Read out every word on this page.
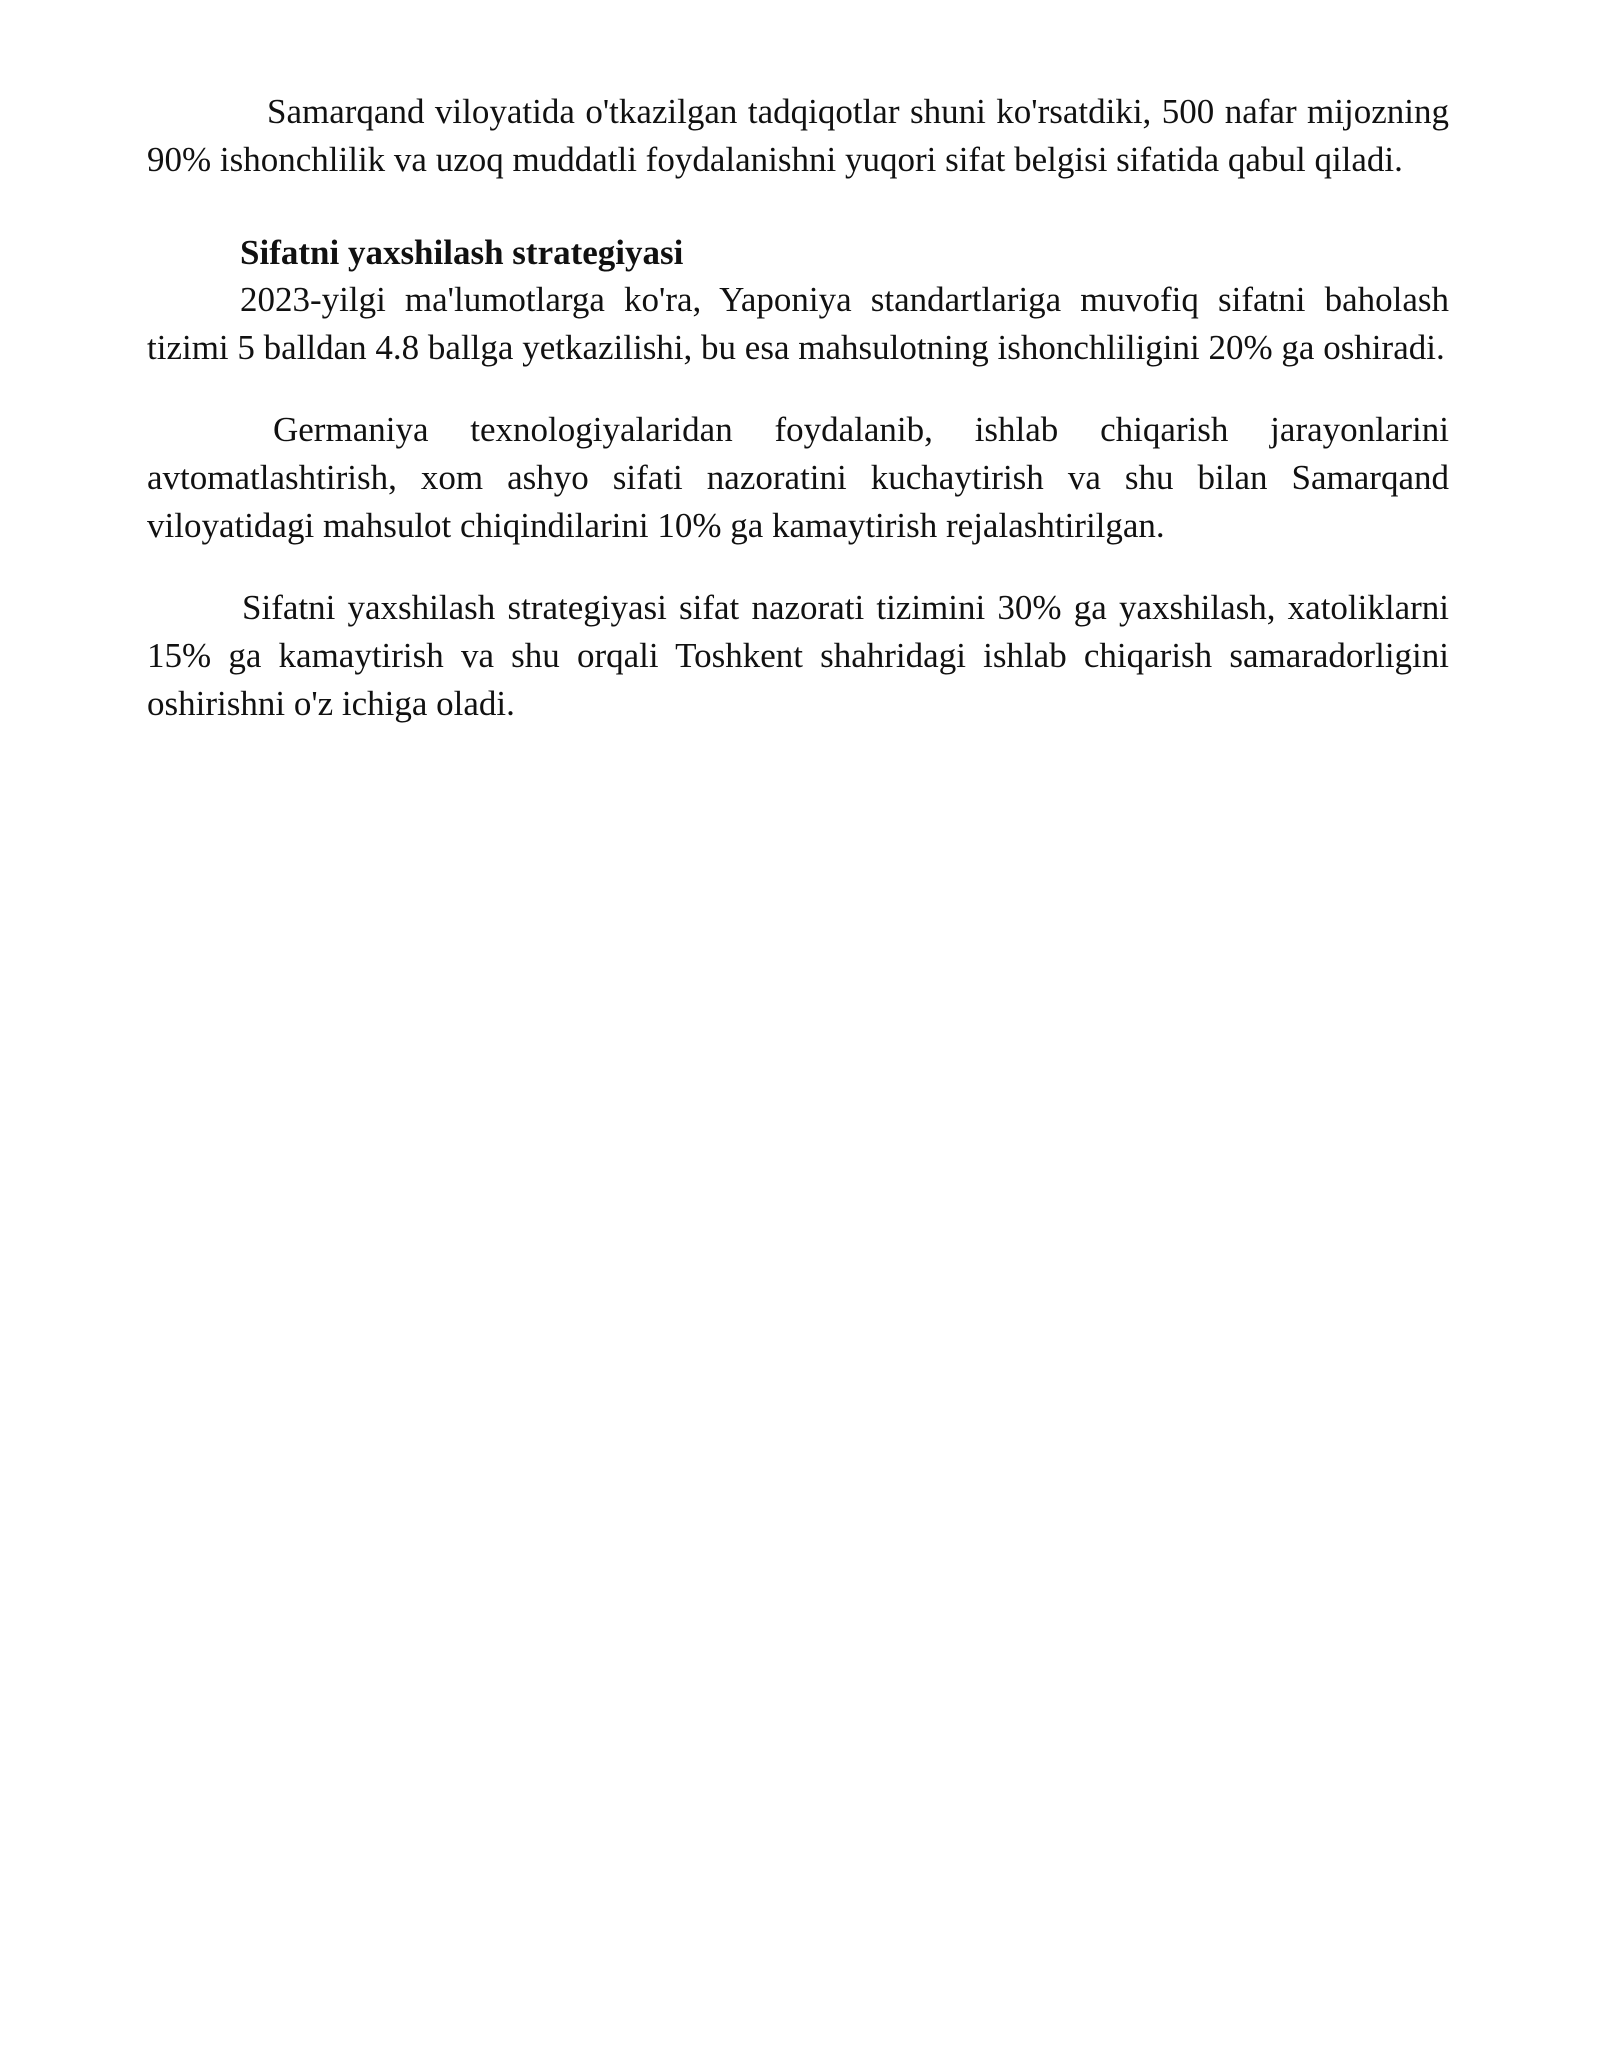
Samarqand viloyatida o'tkazilgan tadqiqotlar shuni ko'rsatdiki, 500 nafar mijozning 90% ishonchlilik va uzoq muddatli foydalanishni yuqori sifat belgisi sifatida qabul qiladi.

Sifatni yaxshilash strategiyasi

2023-yilgi ma'lumotlarga ko'ra, Yaponiya standartlariga muvofiq sifatni baholash tizimi 5 balldan 4.8 ballga yetkazilishi, bu esa mahsulotning ishonchliligini 20% ga oshiradi.

Germaniya texnologiyalaridan foydalanib, ishlab chiqarish jarayonlarini avtomatlashtirish, xom ashyo sifati nazoratini kuchaytirish va shu bilan Samarqand viloyatidagi mahsulot chiqindilarini 10% ga kamaytirish rejalashtirilgan.

Sifatni yaxshilash strategiyasi sifat nazorati tizimini 30% ga yaxshilash, xatoliklarni 15% ga kamaytirish va shu orqali Toshkent shahridagi ishlab chiqarish samaradorligini oshirishni o'z ichiga oladi.
